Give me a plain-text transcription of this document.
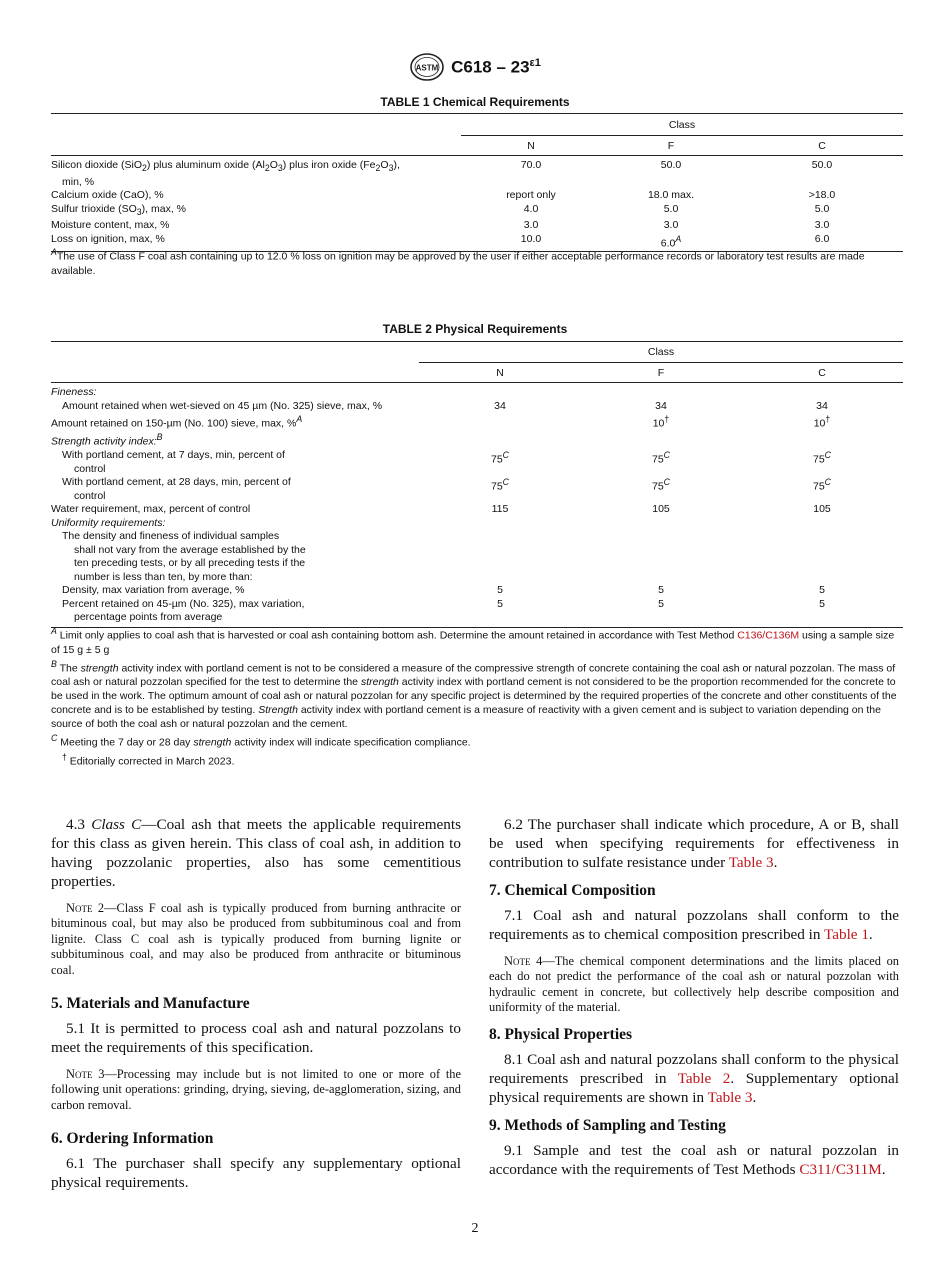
ASTM $C618 - 23^{\varepsilon 1}$
TABLE 1 Chemical Requirements

	Class		
	N	F	C
Silicon dioxide (SiO$_2$) plus aluminum oxide $(Al_2O_3)$ plus iron oxide $(Fe_2O_3)$,
min, %	70.0	50.0	50.0
Calcium oxide (CaO), %	report only	18.0 max.	>18.0
Sulfur trioxide $(SO_3)$, max, %	4.0	5.0	5.0
Moisture content, max, %	3.0	3.0	3.0
Loss on ignition, max, %	10.0	$6.0^A$	6.0

$^A$The use of Class F coal ash containing up to 12.0 % loss on ignition may be approved by the user if either acceptable performance records or laboratory test results are made available.

TABLE 2 Physical Requirements

	Class		
	N	F	C
Fineness:			
Amount retained when wet-sieved on 45 µm (No. 325) sieve, max, %	34	34	34
Amount retained on 150-µm (No. 100) sieve, max, %$^A$		10†	10†
Strength activity index:$^B$			
With portland cement, at 7 days, min, percent of
control	$75^C$	$75^C$	$75^C$
With portland cement, at 28 days, min, percent of
control	$75^C$	$75^C$	$75^C$
Water requirement, max, percent of control	115	105	105
Uniformity requirements:			
The density and fineness of individual samples
shall not vary from the average established by the
ten preceding tests, or by all preceding tests if the
number is less than ten, by more than:			
Density, max variation from average, %	5	5	5
Percent retained on 45-µm (No. 325), max variation,
percentage points from average	5	5	5

$^A$ Limit only applies to coal ash that is harvested or coal ash containing bottom ash. Determine the amount retained in accordance with Test Method C136/C136M using a sample size of 15 g ± 5 g

$^B$ The strength activity index with portland cement is not to be considered a measure of the compressive strength of concrete containing the coal ash or natural pozzolan. The mass of coal ash or natural pozzolan specified for the test to determine the strength activity index with portland cement is not considered to be the proportion recommended for the concrete to be used in the work. The optimum amount of coal ash or natural pozzolan for any specific project is determined by the required properties of the concrete and other constituents of the concrete and is to be established by testing. Strength activity index with portland cement is a measure of reactivity with a given cement and is subject to variation depending on the source of both the coal ash or natural pozzolan and the cement.

$^C$ Meeting the 7 day or 28 day strength activity index will indicate specification compliance.

† Editorially corrected in March 2023.

4.3 Class C—Coal ash that meets the applicable requirements for this class as given herein. This class of coal ash, in addition to having pozzolanic properties, also has some cementitious properties.

Note 2—Class F coal ash is typically produced from burning anthracite or bituminous coal, but may also be produced from subbituminous coal and from lignite. Class C coal ash is typically produced from burning lignite or subbituminous coal, and may also be produced from anthracite or bituminous coal.

5. Materials and Manufacture

5.1 It is permitted to process coal ash and natural pozzolans to meet the requirements of this specification.

Note 3—Processing may include but is not limited to one or more of the following unit operations: grinding, drying, sieving, de-agglomeration, sizing, and carbon removal.

6. Ordering Information

6.1 The purchaser shall specify any supplementary optional physical requirements.

6.2 The purchaser shall indicate which procedure, A or B, shall be used when specifying requirements for effectiveness in contribution to sulfate resistance under Table 3.

7. Chemical Composition

7.1 Coal ash and natural pozzolans shall conform to the requirements as to chemical composition prescribed in Table 1.

Note 4—The chemical component determinations and the limits placed on each do not predict the performance of the coal ash or natural pozzolan with hydraulic cement in concrete, but collectively help describe composition and uniformity of the material.

8. Physical Properties

8.1 Coal ash and natural pozzolans shall conform to the physical requirements prescribed in Table 2. Supplementary optional physical requirements are shown in Table 3.

9. Methods of Sampling and Testing

9.1 Sample and test the coal ash or natural pozzolan in accordance with the requirements of Test Methods C311/C311M.

2
